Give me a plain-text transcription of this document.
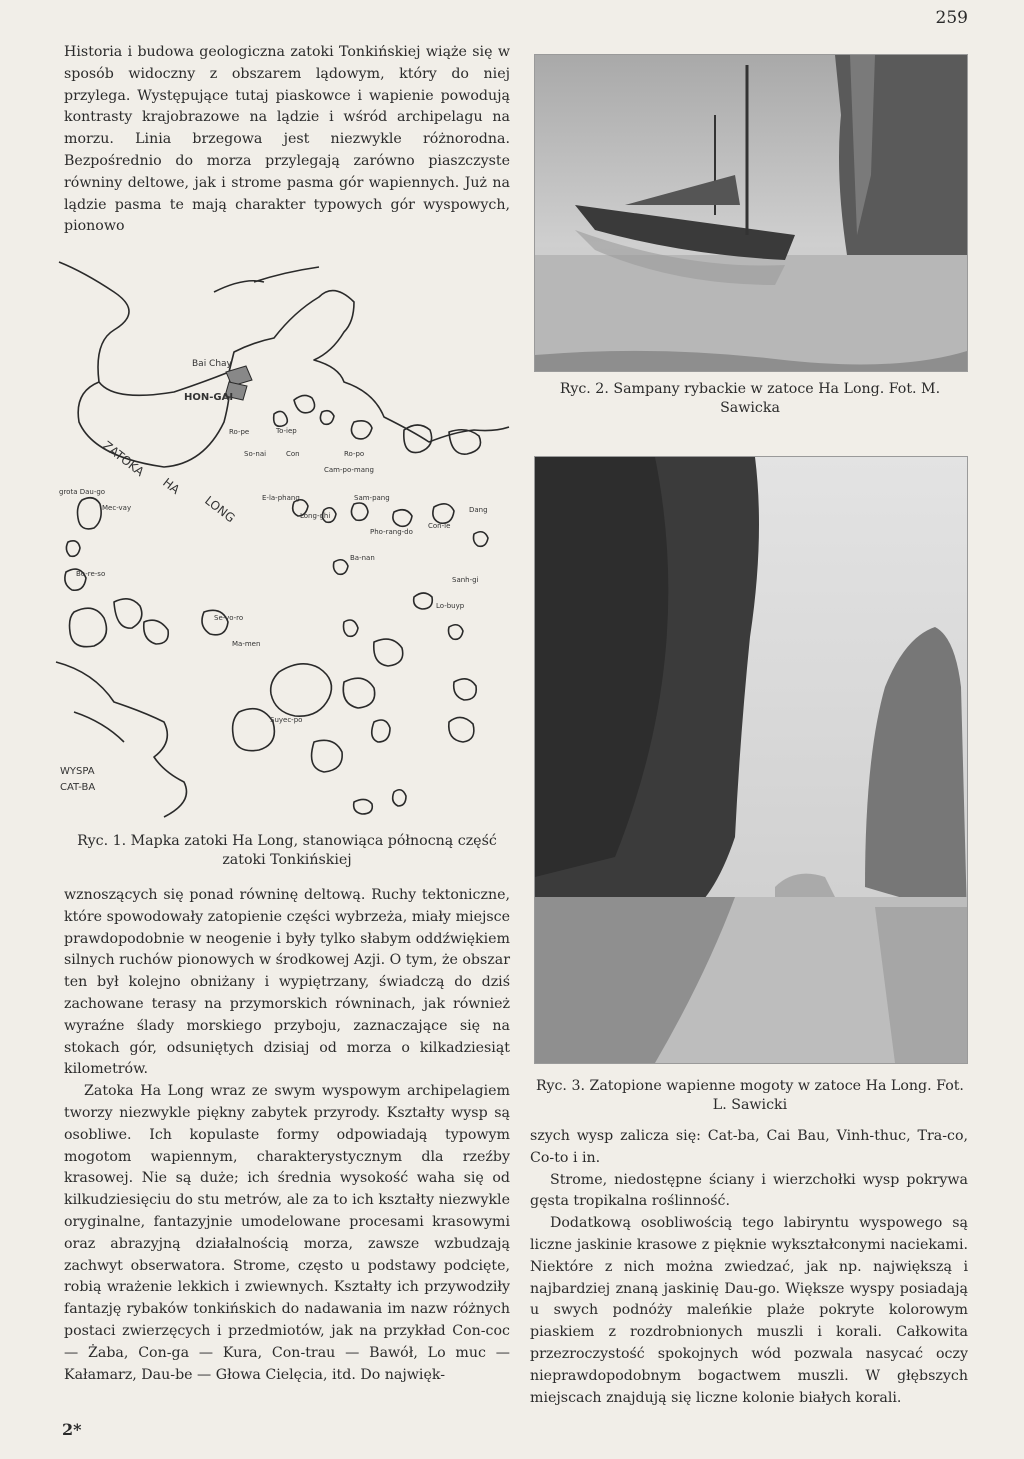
259

Historia i budowa geologiczna zatoki Tonkińskiej wiąże się w sposób widoczny z obszarem lądowym, który do niej przylega. Występujące tutaj piaskowce i wapienie powodują kontrasty krajobrazowe na lądzie i wśród archipelagu na morzu. Linia brzegowa jest niezwykle różnorodna. Bezpośrednio do morza przylegają zarówno piaszczyste równiny deltowe, jak i strome pasma gór wapiennych. Już na lądzie pasma te mają charakter typowych gór wyspowych, pionowo

Bai Chay
HON-GAI
Ro-pe	To-iep
So-nai	Con	Ro-po
Cam-po-mang
ZATOKA
HA
LONG
grota Dau-go
Mec-vay
E-la-phang	Sam-pang
Dang
Long-ghi
Pho-rang-do
Con-le
Bo-re-so
Ba-nan
Sanh-gi
Lo-buyp
Se-vo-ro
Ma-men
Suyec-po
WYSPA
CAT-BA
Ryc. 1. Mapka zatoki Ha Long, stanowiąca północną część zatoki Tonkińskiej
Ryc. 2. Sampany rybackie w zatoce Ha Long. Fot. M. Sawicka
Ryc. 3. Zatopione wapienne mogoty w zatoce Ha Long. Fot. L. Sawicki

wznoszących się ponad równinę deltową. Ruchy tektoniczne, które spowodowały zatopienie części wybrzeża, miały miejsce prawdopodobnie w neogenie i były tylko słabym oddźwiękiem silnych ruchów pionowych w środkowej Azji. O tym, że obszar ten był kolejno obniżany i wypiętrzany, świadczą do dziś zachowane terasy na przymorskich równinach, jak również wyraźne ślady morskiego przyboju, zaznaczające się na stokach gór, odsuniętych dzisiaj od morza o kilkadziesiąt kilometrów.

Zatoka Ha Long wraz ze swym wyspowym archipelagiem tworzy niezwykle piękny zabytek przyrody. Kształty wysp są osobliwe. Ich kopulaste formy odpowiadają typowym mogotom wapiennym, charakterystycznym dla rzeźby krasowej. Nie są duże; ich średnia wysokość waha się od kilkudziesięciu do stu metrów, ale za to ich kształty niezwykle oryginalne, fantazyjnie umodelowane procesami krasowymi oraz abrazyjną działalnością morza, zawsze wzbudzają zachwyt obserwatora. Strome, często u podstawy podcięte, robią wrażenie lekkich i zwiewnych. Kształty ich przywodziły fantazję rybaków tonkińskich do nadawania im nazw różnych postaci zwierzęcych i przedmiotów, jak na przykład Con-coc — Żaba, Con-ga — Kura, Con-trau — Bawół, Lo muc — Kałamarz, Dau-be — Głowa Cielęcia, itd. Do najwięk-

szych wysp zalicza się: Cat-ba, Cai Bau, Vinh-thuc, Tra-co, Co-to i in.

Strome, niedostępne ściany i wierzchołki wysp pokrywa gęsta tropikalna roślinność.

Dodatkową osobliwością tego labiryntu wyspowego są liczne jaskinie krasowe z pięknie wykształconymi naciekami. Niektóre z nich można zwiedzać, jak np. największą i najbardziej znaną jaskinię Dau-go. Większe wyspy posiadają u swych podnóży maleńkie plaże pokryte kolorowym piaskiem z rozdrobnionych muszli i korali. Całkowita przezroczystość spokojnych wód pozwala nasycać oczy nieprawdopodobnym bogactwem muszli. W głębszych miejscach znajdują się liczne kolonie białych korali.

2*
